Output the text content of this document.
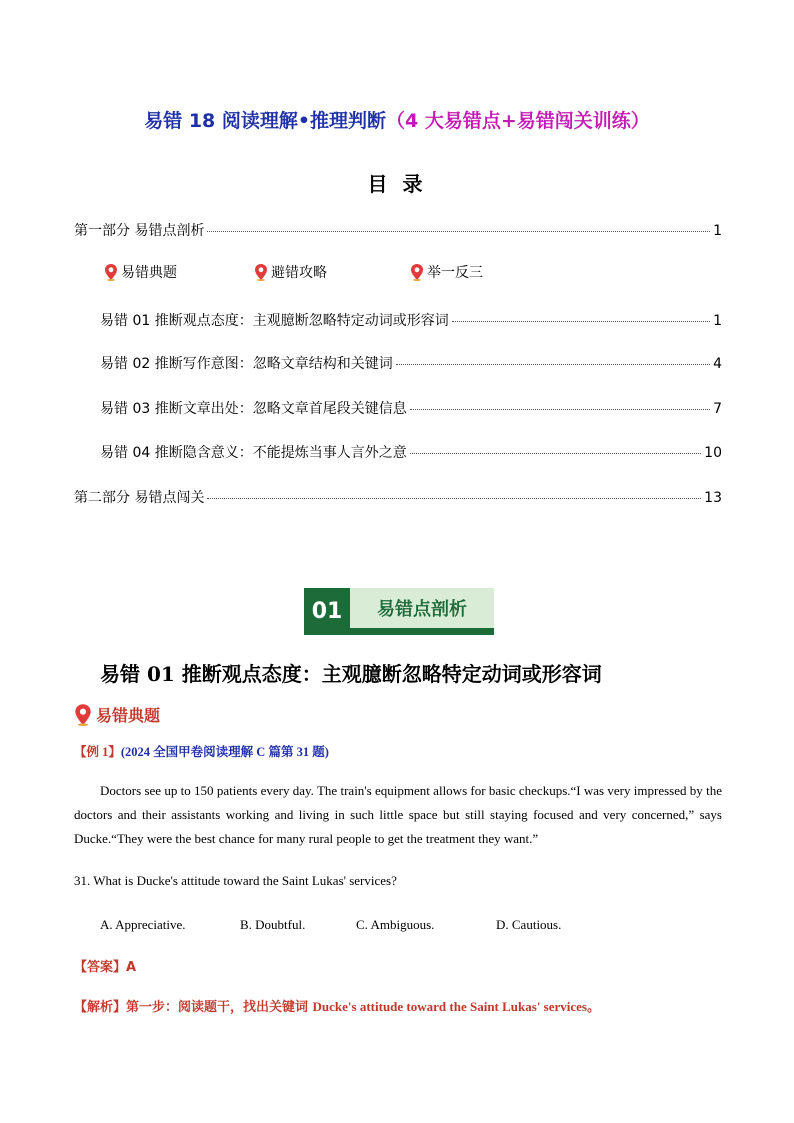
易错 18 阅读理解•推理判断（4 大易错点+易错闯关训练）
目 录
第一部分 易错点剖析	1
易错典题	避错攻略	举一反三
易错 01 推断观点态度：主观臆断忽略特定动词或形容词	1
易错 02 推断写作意图：忽略文章结构和关键词	4
易错 03 推断文章出处：忽略文章首尾段关键信息	7
易错 04 推断隐含意义：不能提炼当事人言外之意	10
第二部分 易错点闯关	13
01	易错点剖析
易错 01 推断观点态度：主观臆断忽略特定动词或形容词
易错典题
【例 1】(2024 全国甲卷阅读理解 C 篇第 31 题)
Doctors see up to 150 patients every day. The train's equipment allows for basic checkups.“I was very impressed by the doctors and their assistants working and living in such little space but still staying focused and very concerned,” says Ducke.“They were the best chance for many rural people to get the treatment they want.”
31. What is Ducke's attitude toward the Saint Lukas' services?
A. Appreciative.	B. Doubtful.	C. Ambiguous.	D. Cautious.
【答案】A
【解析】第一步：阅读题干，找出关键词 Ducke's attitude toward the Saint Lukas' services。
